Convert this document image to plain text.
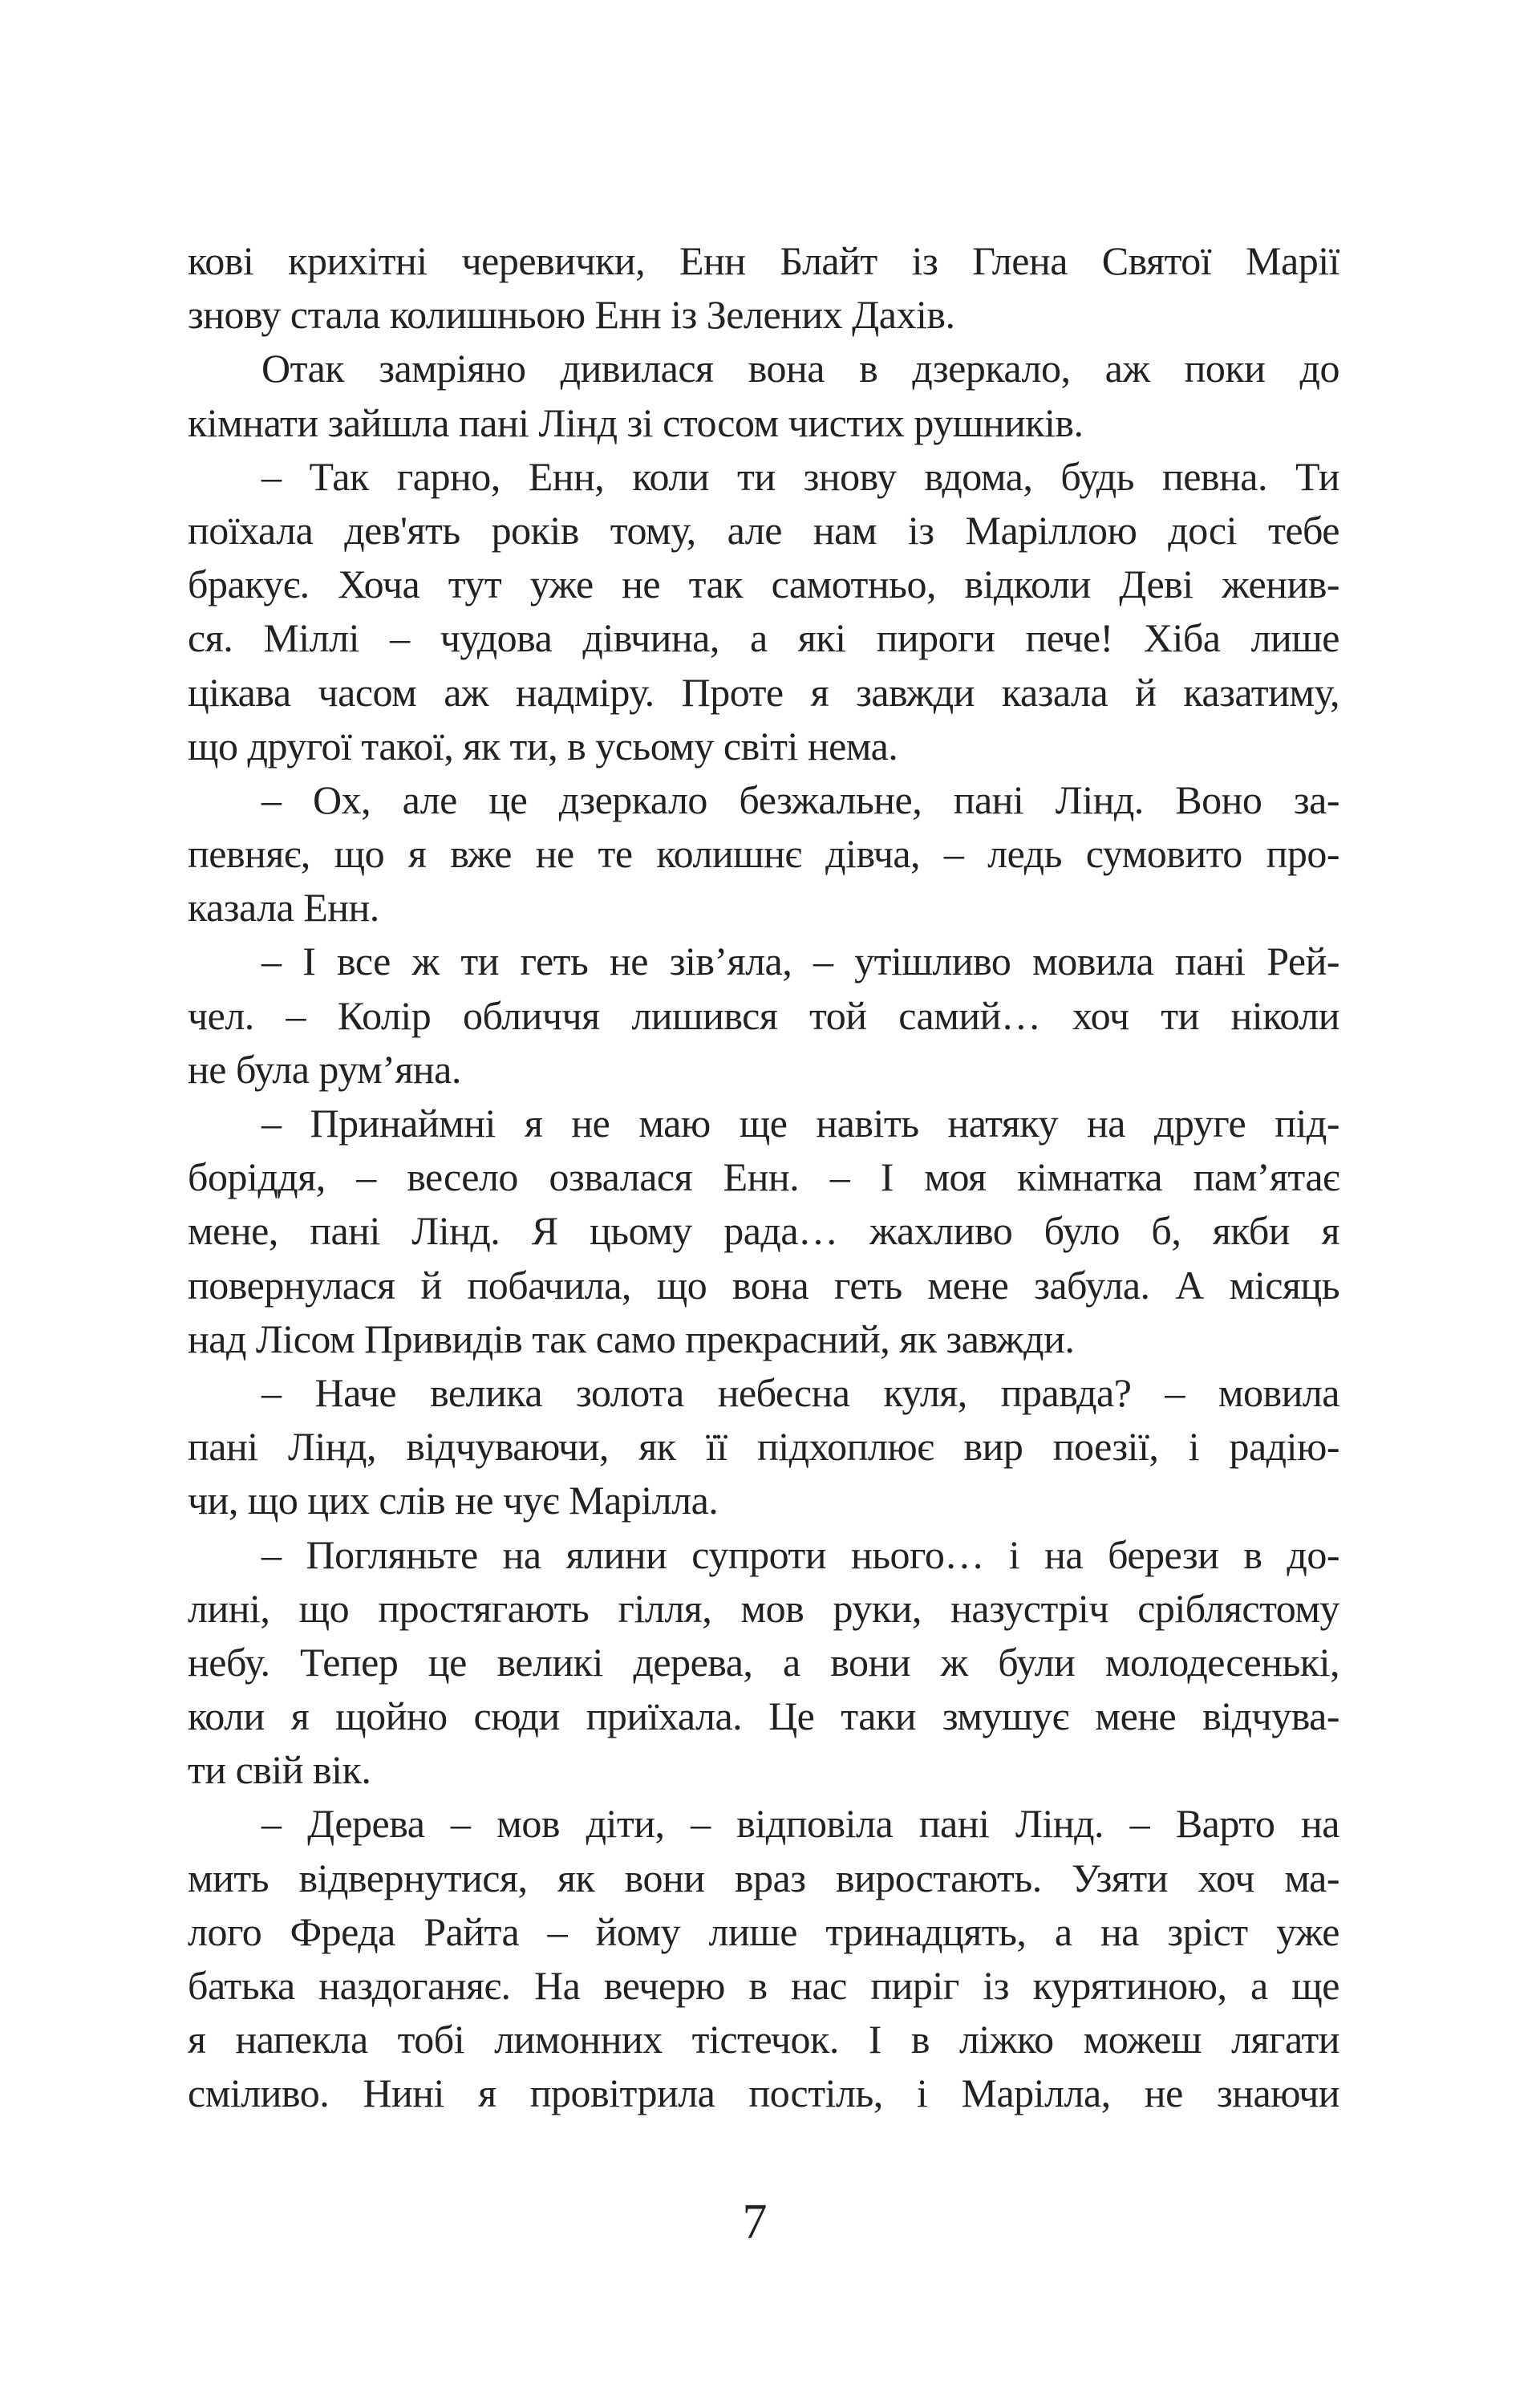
кові крихітні черевички, Енн Блайт із Глена Святої Марії
знову стала колишньою Енн із Зелених Дахів.
Отак замріяно дивилася вона в дзеркало, аж поки до
кімнати зайшла пані Лінд зі стосом чистих рушників.
– Так гарно, Енн, коли ти знову вдома, будь певна. Ти
поїхала дев'ять років тому, але нам із Маріллою досі тебе
бракує. Хоча тут уже не так самотньо, відколи Деві женив-
ся. Міллі – чудова дівчина, а які пироги пече! Хіба лише
цікава часом аж надміру. Проте я завжди казала й казатиму,
що другої такої, як ти, в усьому світі нема.
– Ох, але це дзеркало безжальне, пані Лінд. Воно за-
певняє, що я вже не те колишнє дівча, – ледь сумовито про-
казала Енн.
– І все ж ти геть не зів’яла, – утішливо мовила пані Рей-
чел. – Колір обличчя лишився той самий… хоч ти ніколи
не була рум’яна.
– Принаймні я не маю ще навіть натяку на друге під-
боріддя, – весело озвалася Енн. – І моя кімнатка пам’ятає
мене, пані Лінд. Я цьому рада… жахливо було б, якби я
повернулася й побачила, що вона геть мене забула. А місяць
над Лісом Привидів так само прекрасний, як завжди.
– Наче велика золота небесна куля, правда? – мовила
пані Лінд, відчуваючи, як її підхоплює вир поезії, і радію-
чи, що цих слів не чує Марілла.
– Погляньте на ялини супроти нього… і на берези в до-
лині, що простягають гілля, мов руки, назустріч сріблястому
небу. Тепер це великі дерева, а вони ж були молодесенькі,
коли я щойно сюди приїхала. Це таки змушує мене відчува-
ти свій вік.
– Дерева – мов діти, – відповіла пані Лінд. – Варто на
мить відвернутися, як вони враз виростають. Узяти хоч ма-
лого Фреда Райта – йому лише тринадцять, а на зріст уже
батька наздоганяє. На вечерю в нас пиріг із курятиною, а ще
я напекла тобі лимонних тістечок. І в ліжко можеш лягати
сміливо. Нині я провітрила постіль, і Марілла, не знаючи
7
